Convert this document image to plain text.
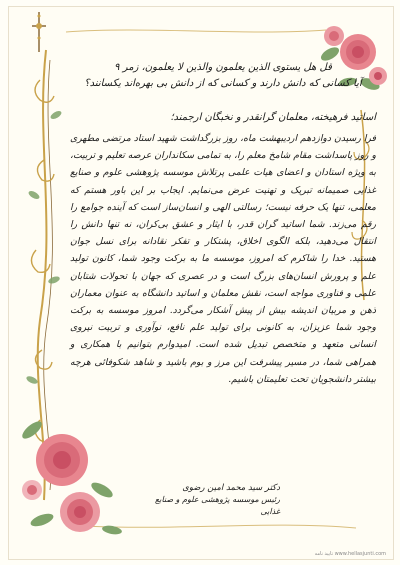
قل هل یستوی الذین یعلمون والذین لا یعلمون، زمر ۹
آیا کسانی که دانش دارند و کسانی که از دانش بی بهره‌اند یکسانند؟
اساتید فرهیخته، معلمان گرانقدر و نخبگان ارجمند؛
فرا رسیدن دوازدهم اردیبهشت ماه، روز بزرگداشت شهید استاد مرتضی مطهری و روز پاسداشت مقام شامخ معلم را، به تمامی سکانداران عرصه تعلیم و تربیت، به ویژه استادان و اعضای هیات علمی پرتلاش موسسه پژوهشی علوم و صنایع غذایی صمیمانه تبریک و تهنیت عرض می‌نمایم. ایجاب بر این باور هستم که معلمی، تنها یک حرفه نیست؛ رسالتی الهی و انسان‌ساز است که آینده جوامع را رقم می‌زند. شما اساتید گران قدر، با ایثار و عشق بی‌کران، نه تنها دانش را انتقال می‌دهید، بلکه الگوی اخلاق، پشتکار و تفکر نقادانه برای نسل جوان هستید. خدا را شاکرم که امروز، موسسه ما به برکت وجود شما، کانون تولید علم و پرورش انسان‌های بزرگ است و در عصری که جهان با تحولات شتابان علمی و فناوری مواجه است، نقش معلمان و اساتید دانشگاه به عنوان معماران ذهن و مربیان اندیشه بیش از پیش آشکار می‌گردد. امروز موسسه به برکت وجود شما عزیزان، به کانونی برای تولید علم نافع، نوآوری و تربیت نیروی انسانی متعهد و متخصص تبدیل شده است. امیدوارم بتوانیم با همکاری و همراهی شما، در مسیر پیشرفت این مرز و بوم باشید و شاهد شکوفائی هرچه بیشتر دانشجویان تحت تعلیمتان باشیم.
دکتر سید محمد امین رضوی
رئیس موسسه پژوهشی علوم و صنایع غذایی
www.hellasjunti.com تایید نامه
